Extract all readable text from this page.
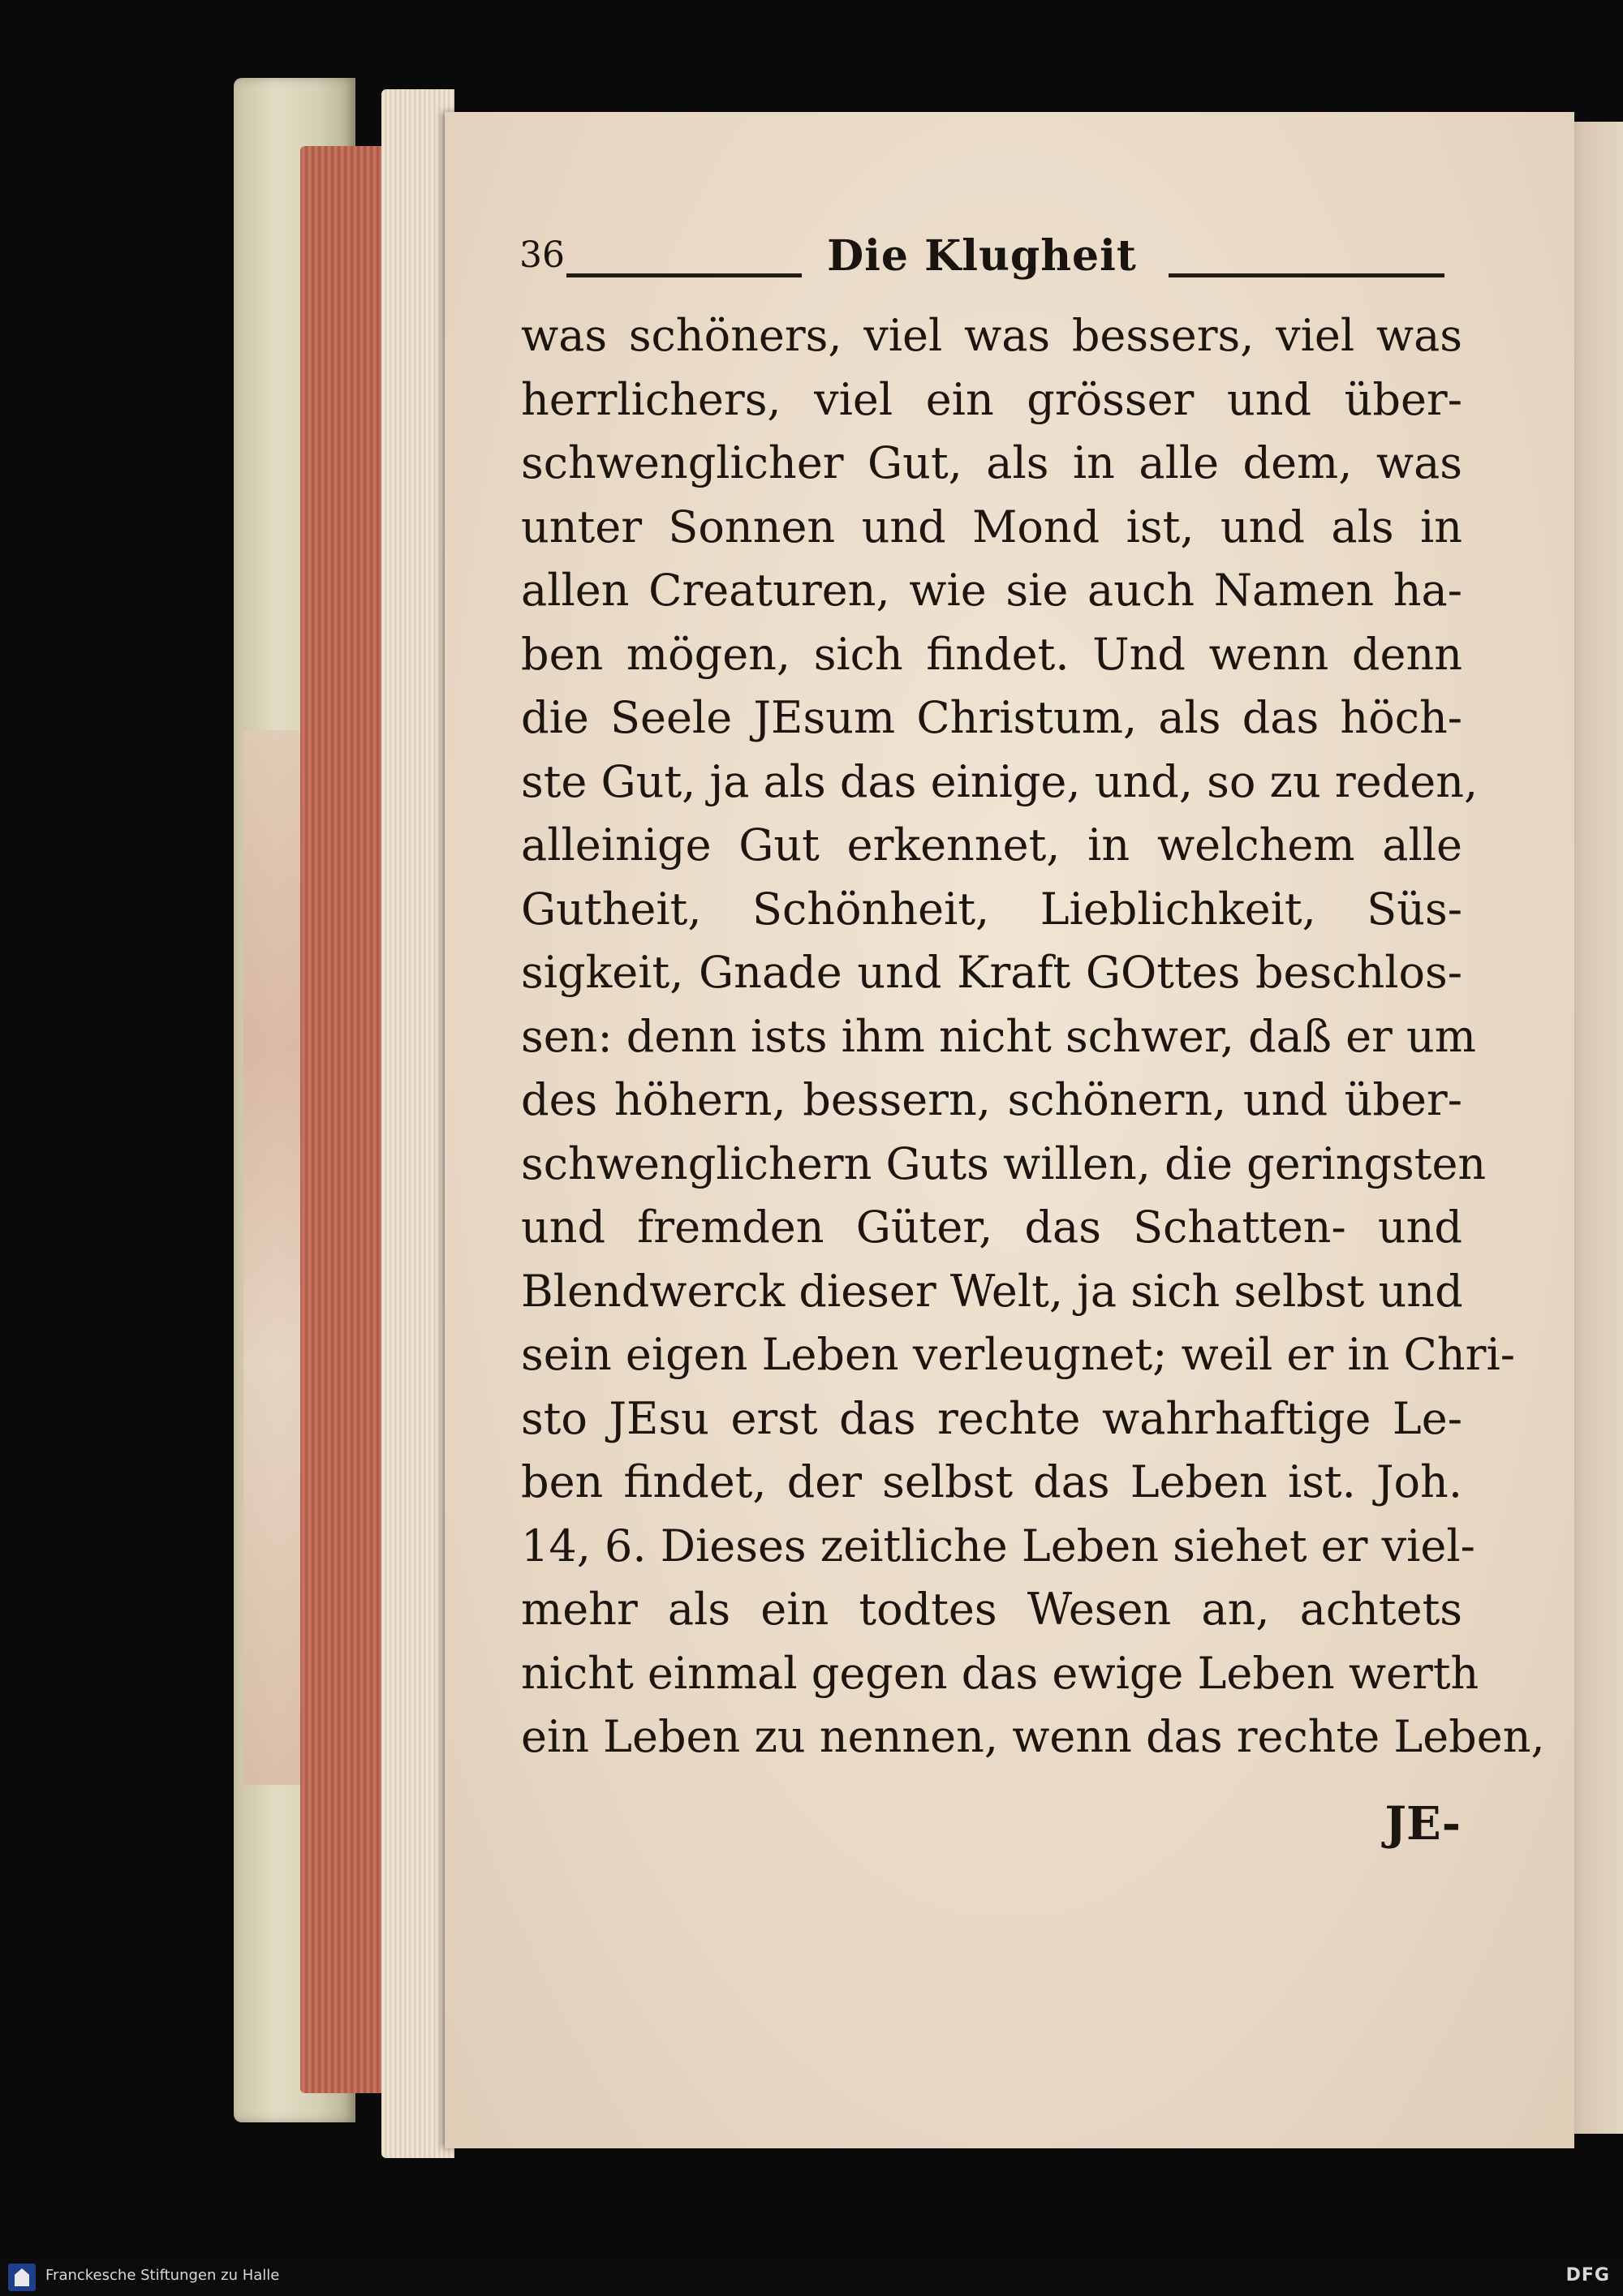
36	Die Klugheit
was schöners, viel was bessers, viel was
herrlichers, viel ein grösser und über-
schwenglicher Gut, als in alle dem, was
unter Sonnen und Mond ist, und als in
allen Creaturen, wie sie auch Namen ha-
ben mögen, sich findet. Und wenn denn
die Seele JEsum Christum, als das höch-
ste Gut, ja als das einige, und, so zu reden,
alleinige Gut erkennet, in welchem alle
Gutheit, Schönheit, Lieblichkeit, Süs-
sigkeit, Gnade und Kraft GOttes beschlos-
sen: denn ists ihm nicht schwer, daß er um
des höhern, bessern, schönern, und über-
schwenglichern Guts willen, die geringsten
und fremden Güter, das Schatten- und
Blendwerck dieser Welt, ja sich selbst und
sein eigen Leben verleugnet; weil er in Chri-
sto JEsu erst das rechte wahrhaftige Le-
ben findet, der selbst das Leben ist. Joh.
14, 6. Dieses zeitliche Leben siehet er viel-
mehr als ein todtes Wesen an, achtets
nicht einmal gegen das ewige Leben werth
ein Leben zu nennen, wenn das rechte Leben,
JE-
Franckesche Stiftungen zu Halle	DFG
